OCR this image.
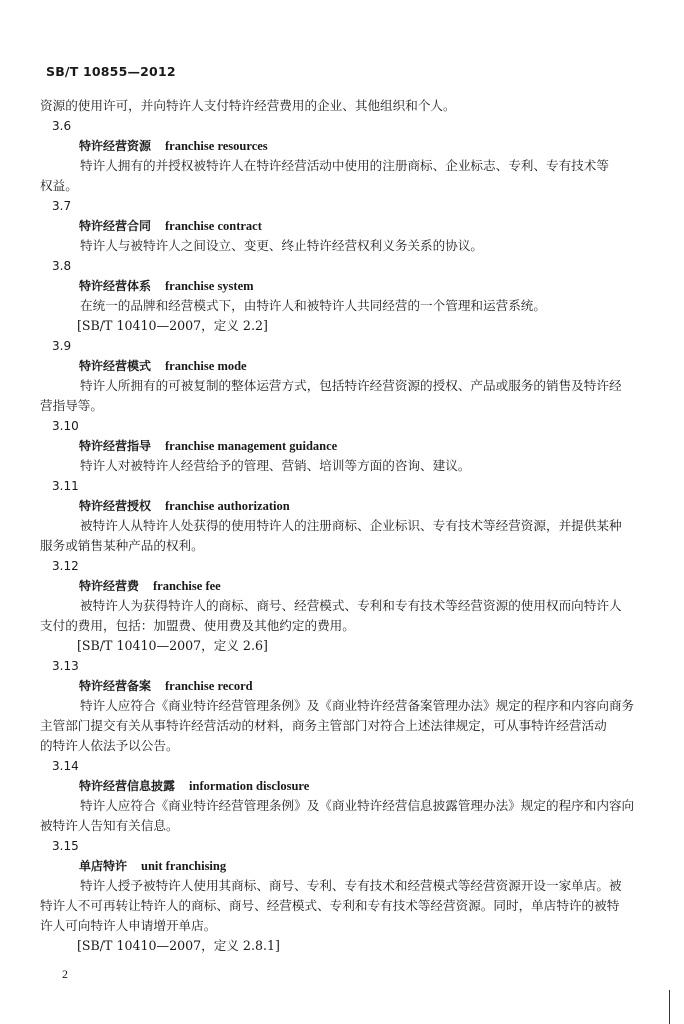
SB/T 10855—2012
资源的使用许可，并向特许人支付特许经营费用的企业、其他组织和个人。
3.6
特许经营资源 franchise resources
特许人拥有的并授权被特许人在特许经营活动中使用的注册商标、企业标志、专利、专有技术等
权益。
3.7
特许经营合同 franchise contract
特许人与被特许人之间设立、变更、终止特许经营权利义务关系的协议。
3.8
特许经营体系 franchise system
在统一的品牌和经营模式下，由特许人和被特许人共同经营的一个管理和运营系统。
[SB/T 10410—2007，定义 2.2]
3.9
特许经营模式 franchise mode
特许人所拥有的可被复制的整体运营方式，包括特许经营资源的授权、产品或服务的销售及特许经
营指导等。
3.10
特许经营指导 franchise management guidance
特许人对被特许人经营给予的管理、营销、培训等方面的咨询、建议。
3.11
特许经营授权 franchise authorization
被特许人从特许人处获得的使用特许人的注册商标、企业标识、专有技术等经营资源，并提供某种
服务或销售某种产品的权利。
3.12
特许经营费 franchise fee
被特许人为获得特许人的商标、商号、经营模式、专利和专有技术等经营资源的使用权而向特许人
支付的费用，包括：加盟费、使用费及其他约定的费用。
[SB/T 10410—2007，定义 2.6]
3.13
特许经营备案 franchise record
特许人应符合《商业特许经营管理条例》及《商业特许经营备案管理办法》规定的程序和内容向商务
主管部门提交有关从事特许经营活动的材料，商务主管部门对符合上述法律规定，可从事特许经营活动
的特许人依法予以公告。
3.14
特许经营信息披露 information disclosure
特许人应符合《商业特许经营管理条例》及《商业特许经营信息披露管理办法》规定的程序和内容向
被特许人告知有关信息。
3.15
单店特许 unit franchising
特许人授予被特许人使用其商标、商号、专利、专有技术和经营模式等经营资源开设一家单店。被
特许人不可再转让特许人的商标、商号、经营模式、专利和专有技术等经营资源。同时，单店特许的被特
许人可向特许人申请增开单店。
[SB/T 10410—2007，定义 2.8.1]
2
